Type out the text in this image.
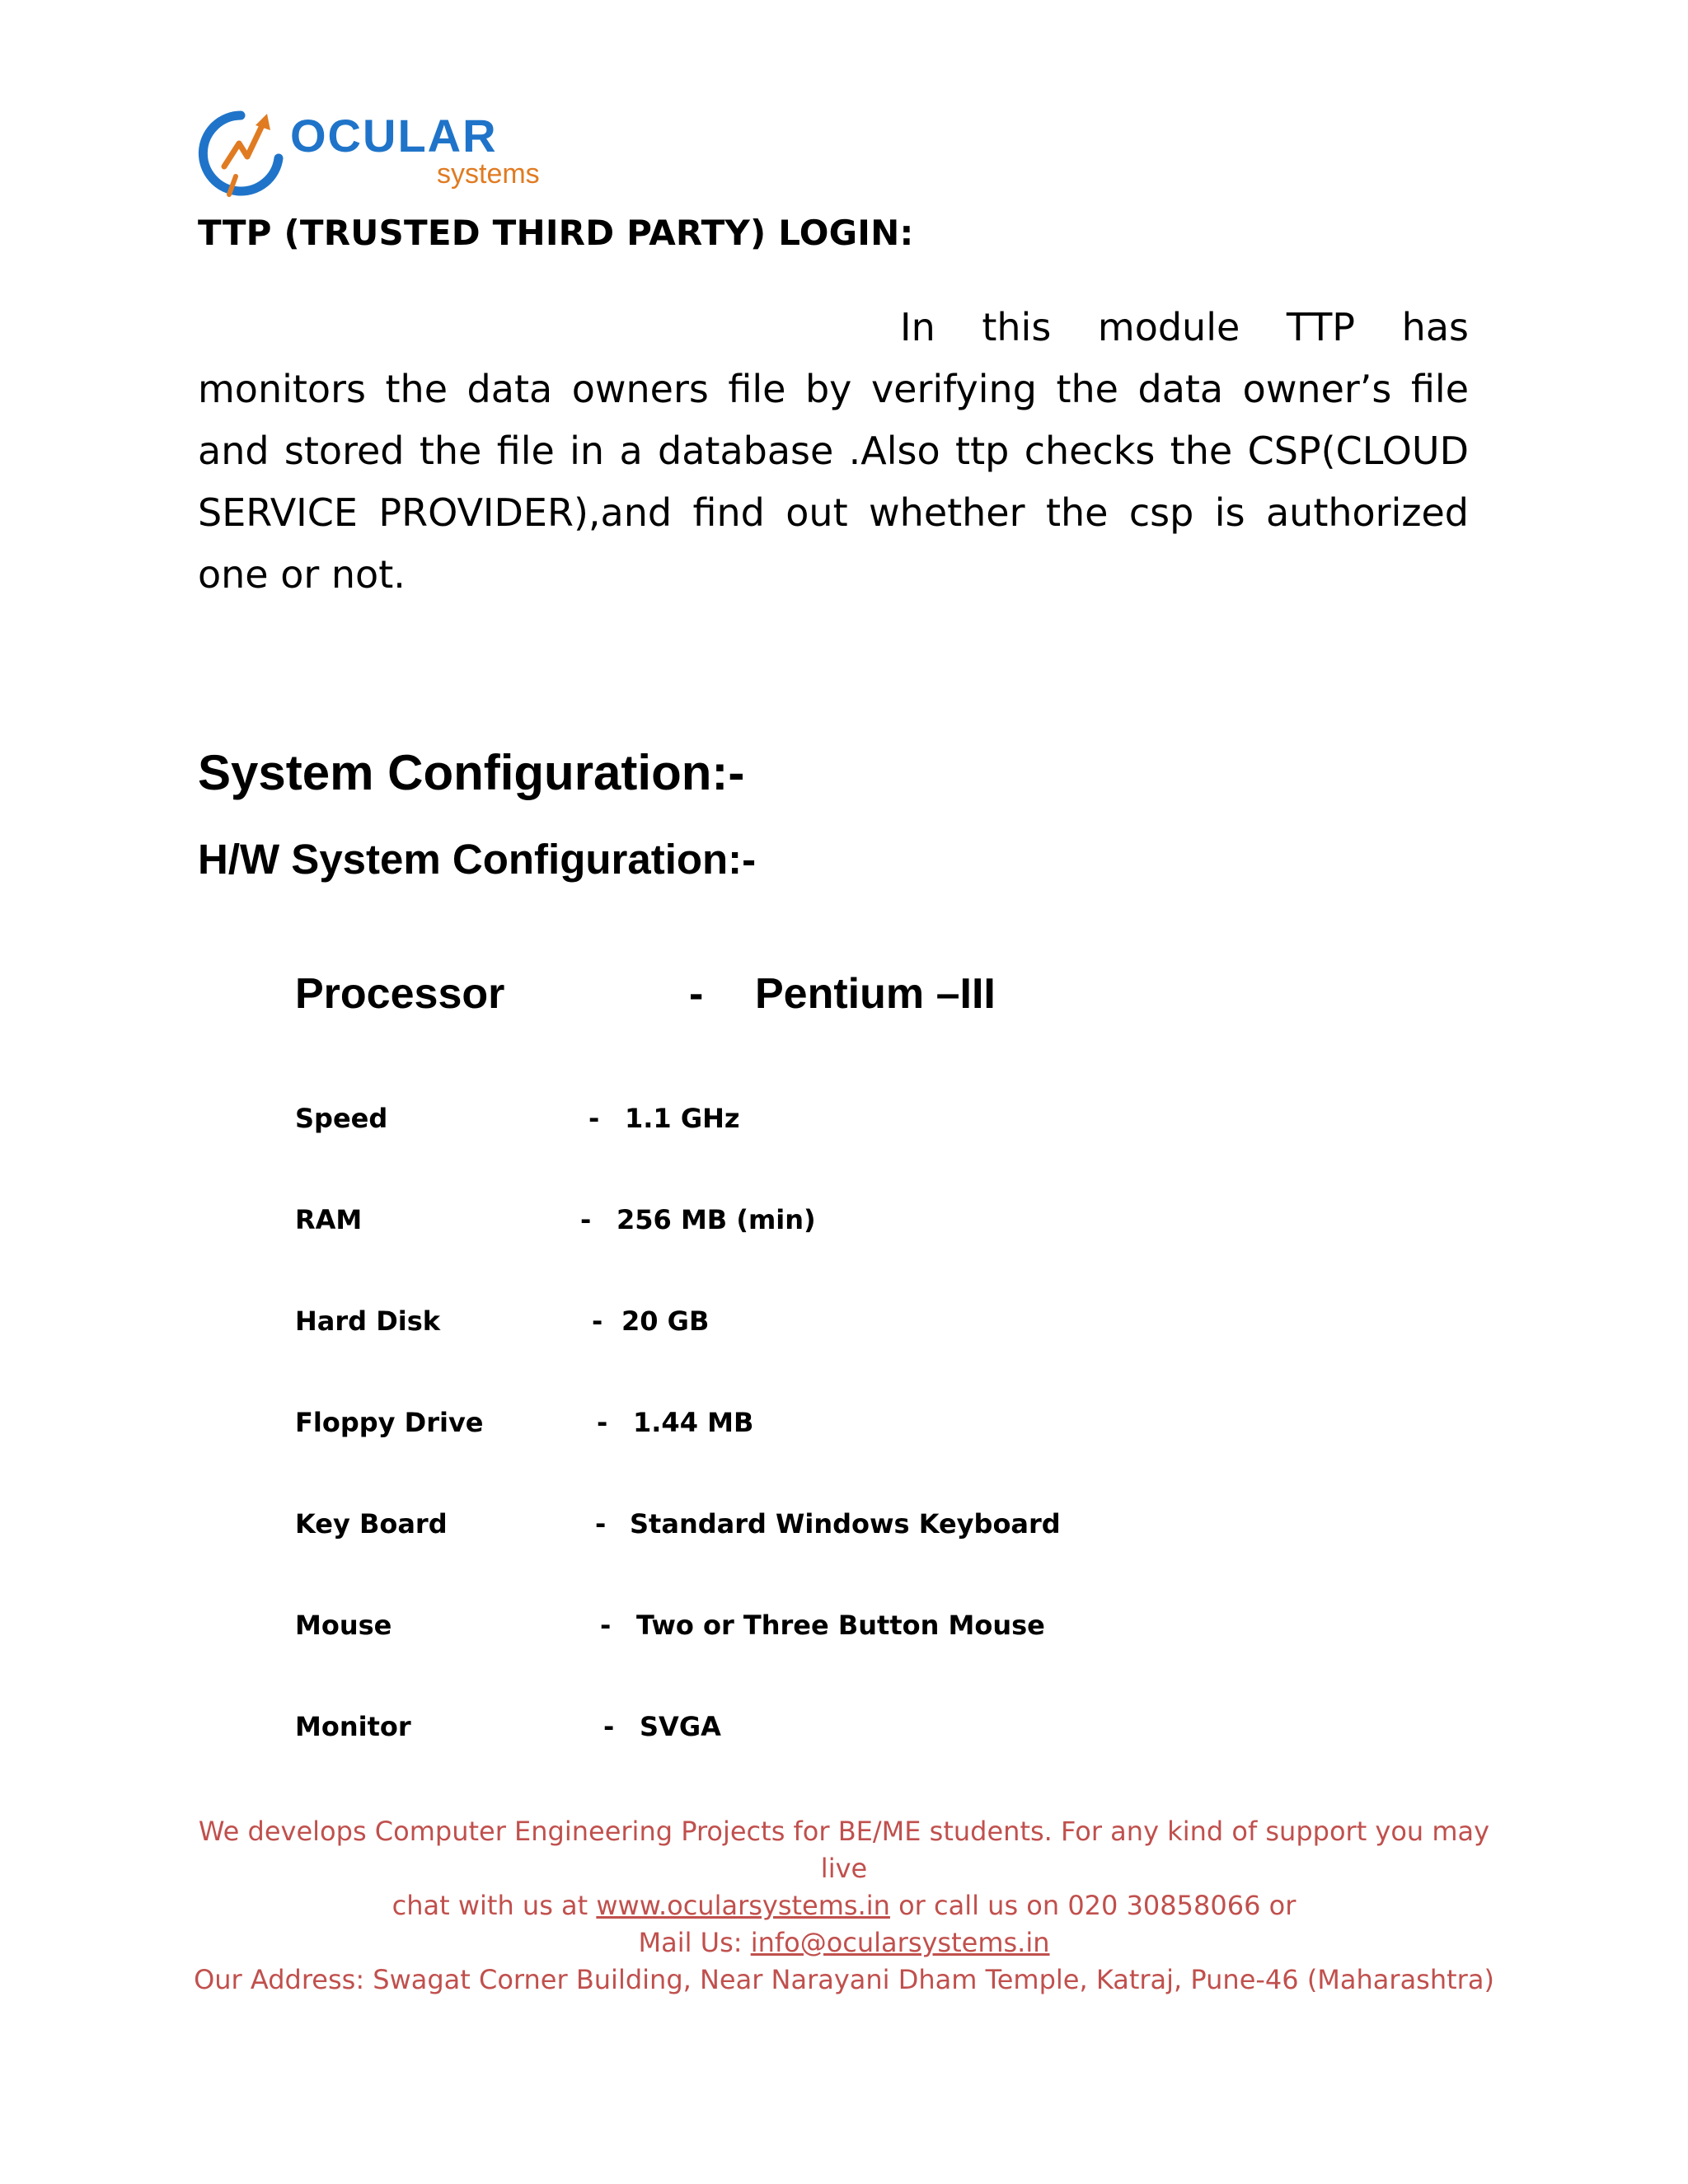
OCULAR
systems
TTP (TRUSTED THIRD PARTY) LOGIN:
In this module TTP has monitors the data owners file by verifying the data owner’s file and stored the file in a database .Also ttp checks the CSP(CLOUD SERVICE PROVIDER),and find out whether the csp is authorized one or not.
System Configuration:-
H/W System Configuration:-
Processor	- Pentium –III
Speed	- 1.1 GHz
RAM	- 256 MB (min)
Hard Disk	- 20 GB
Floppy Drive	- 1.44 MB
Key Board	- Standard Windows Keyboard
Mouse	- Two or Three Button Mouse
Monitor	- SVGA
We develops Computer Engineering Projects for BE/ME students. For any kind of support you may live
chat with us at www.ocularsystems.in or call us on 020 30858066 or
Mail Us: info@ocularsystems.in
Our Address: Swagat Corner Building, Near Narayani Dham Temple, Katraj, Pune-46 (Maharashtra)
